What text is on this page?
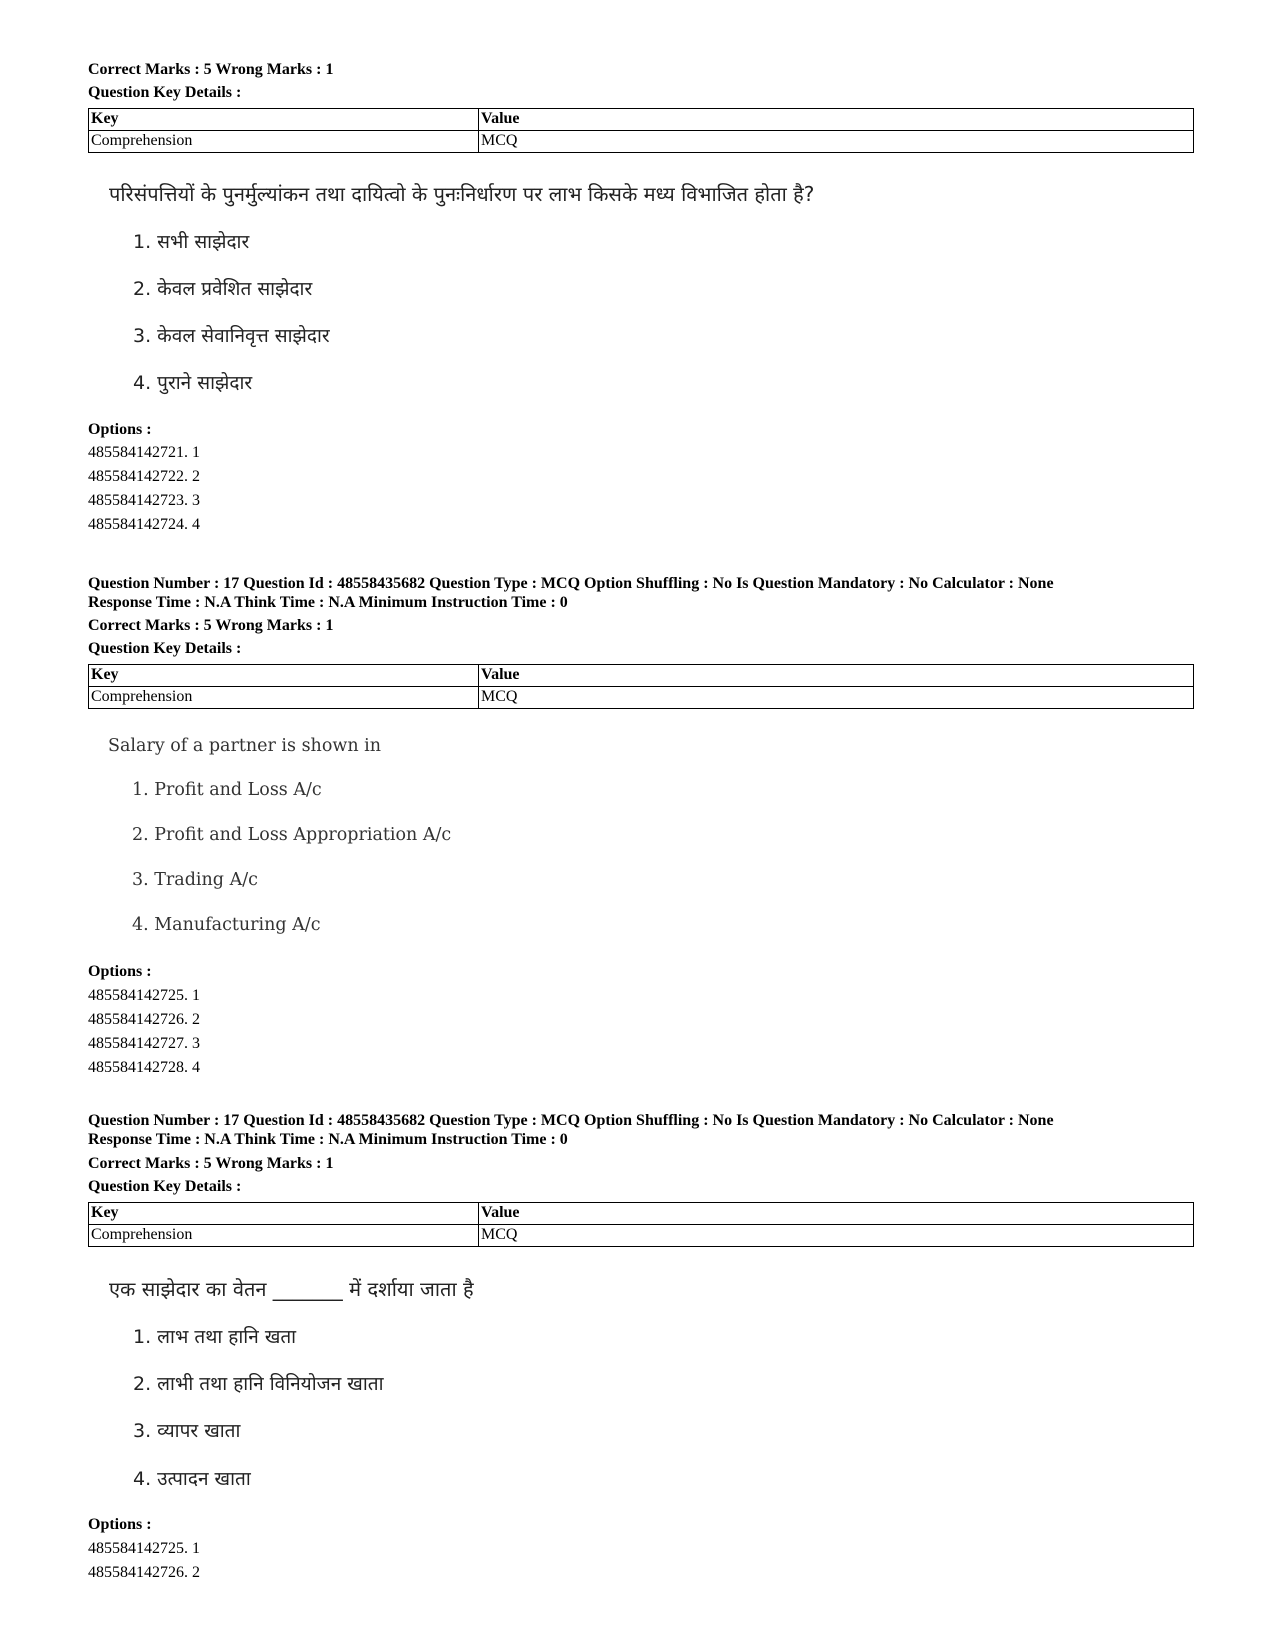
Correct Marks : 5 Wrong Marks : 1
Question Key Details :
Key	Value
Comprehension	MCQ
परिसंपत्तियों के पुनर्मुल्यांकन तथा दायित्वो के पुनःनिर्धारण पर लाभ किसके मध्य विभाजित होता है?
1. सभी साझेदार
2. केवल प्रवेशित साझेदार
3. केवल सेवानिवृत्त साझेदार
4. पुराने साझेदार
Options :
485584142721. 1
485584142722. 2
485584142723. 3
485584142724. 4
Question Number : 17 Question Id : 48558435682 Question Type : MCQ Option Shuffling : No Is Question Mandatory : No Calculator : None
Response Time : N.A Think Time : N.A Minimum Instruction Time : 0
Correct Marks : 5 Wrong Marks : 1
Question Key Details :
Key	Value
Comprehension	MCQ
Salary of a partner is shown in
1. Profit and Loss A/c
2. Profit and Loss Appropriation A/c
3. Trading A/c
4. Manufacturing A/c
Options :
485584142725. 1
485584142726. 2
485584142727. 3
485584142728. 4
Question Number : 17 Question Id : 48558435682 Question Type : MCQ Option Shuffling : No Is Question Mandatory : No Calculator : None
Response Time : N.A Think Time : N.A Minimum Instruction Time : 0
Correct Marks : 5 Wrong Marks : 1
Question Key Details :
Key	Value
Comprehension	MCQ
एक साझेदार का वेतन _______ में दर्शाया जाता है
1. लाभ तथा हानि खता
2. लाभी तथा हानि विनियोजन खाता
3. व्यापर खाता
4. उत्पादन खाता
Options :
485584142725. 1
485584142726. 2
